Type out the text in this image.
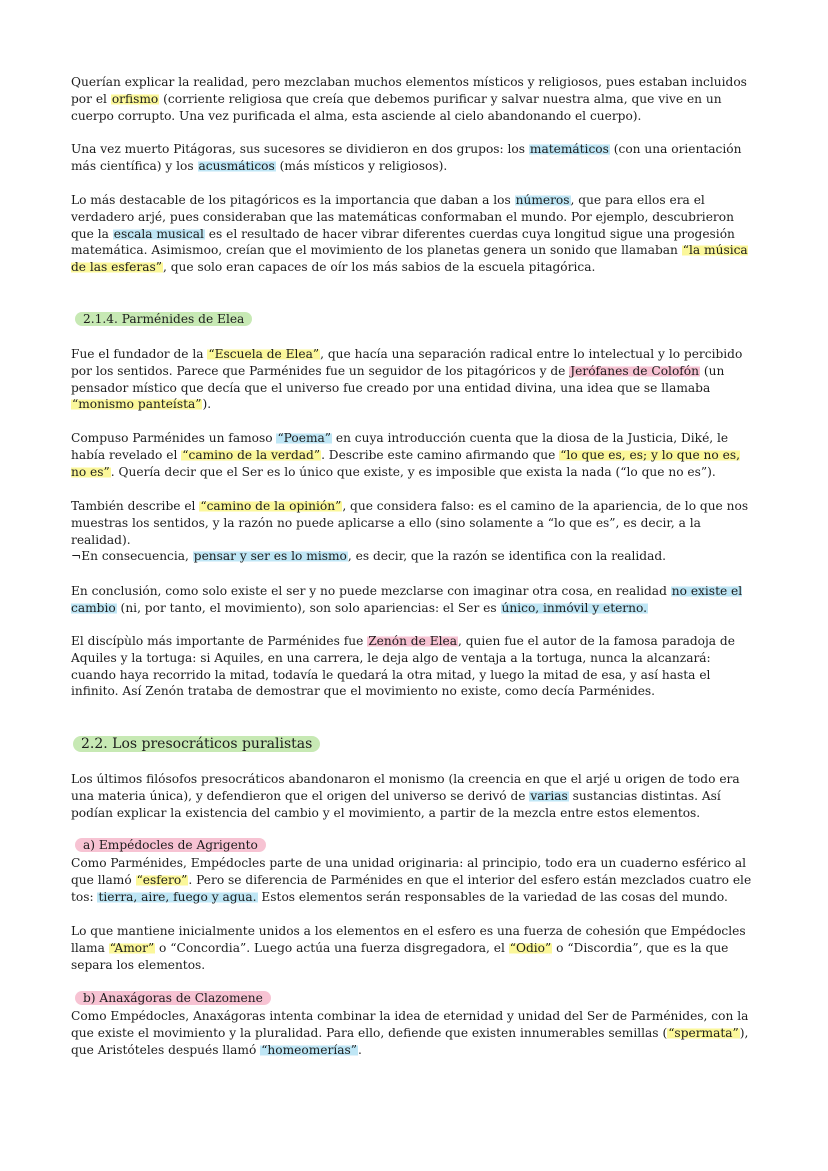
Querían explicar la realidad, pero mezclaban muchos elementos místicos y religiosos, pues estaban incluidos por el orfismo (corriente religiosa que creía que debemos purificar y salvar nuestra alma, que vive en un cuerpo corrupto. Una vez purificada el alma, esta asciende al cielo abandonando el cuerpo).

Una vez muerto Pitágoras, sus sucesores se dividieron en dos grupos: los matemáticos (con una orientación más científica) y los acusmáticos (más místicos y religiosos).

Lo más destacable de los pitagóricos es la importancia que daban a los números, que para ellos era el verdadero arjé, pues consideraban que las matemáticas conformaban el mundo. Por ejemplo, descubrieron que la escala musical es el resultado de hacer vibrar diferentes cuerdas cuya longitud sigue una progesión matemática. Asimismoo, creían que el movimiento de los planetas genera un sonido que llamaban “la música de las esferas”, que solo eran capaces de oír los más sabios de la escuela pitagórica.

2.1.4. Parménides de Elea

Fue el fundador de la “Escuela de Elea”, que hacía una separación radical entre lo intelectual y lo percibido por los sentidos. Parece que Parménides fue un seguidor de los pitagóricos y de Jerófanes de Colofón (un pensador místico que decía que el universo fue creado por una entidad divina, una idea que se llamaba “monismo panteísta”).

Compuso Parménides un famoso “Poema” en cuya introducción cuenta que la diosa de la Justicia, Diké, le había revelado el “camino de la verdad”. Describe este camino afirmando que “lo que es, es; y lo que no es, no es”. Quería decir que el Ser es lo único que existe, y es imposible que exista la nada (“lo que no es”).

También describe el “camino de la opinión”, que considera falso: es el camino de la apariencia, de lo que nos muestras los sentidos, y la razón no puede aplicarse a ello (sino solamente a “lo que es”, es decir, a la realidad).

¬En consecuencia, pensar y ser es lo mismo, es decir, que la razón se identifica con la realidad.

En conclusión, como solo existe el ser y no puede mezclarse con imaginar otra cosa, en realidad no existe el cambio (ni, por tanto, el movimiento), son solo apariencias: el Ser es único, inmóvil y eterno.

El discípùlo más importante de Parménides fue Zenón de Elea, quien fue el autor de la famosa paradoja de Aquiles y la tortuga: si Aquiles, en una carrera, le deja algo de ventaja a la tortuga, nunca la alcanzará: cuando haya recorrido la mitad, todavía le quedará la otra mitad, y luego la mitad de esa, y así hasta el infinito. Así Zenón trataba de demostrar que el movimiento no existe, como decía Parménides.

2.2. Los presocráticos puralistas

Los últimos filósofos presocráticos abandonaron el monismo (la creencia en que el arjé u origen de todo era una materia única), y defendieron que el origen del universo se derivó de varias sustancias distintas. Así podían explicar la existencia del cambio y el movimiento, a partir de la mezcla entre estos elementos.

a) Empédocles de Agrigento

Como Parménides, Empédocles parte de una unidad originaria: al principio, todo era un cuaderno esférico al que llamó “esfero”. Pero se diferencia de Parménides en que el interior del esfero están mezclados cuatro ele tos: tierra, aire, fuego y agua. Estos elementos serán responsables de la variedad de las cosas del mundo.

Lo que mantiene inicialmente unidos a los elementos en el esfero es una fuerza de cohesión que Empédocles llama “Amor” o “Concordia”. Luego actúa una fuerza disgregadora, el “Odio” o “Discordia”, que es la que separa los elementos.

b) Anaxágoras de Clazomene

Como Empédocles, Anaxágoras intenta combinar la idea de eternidad y unidad del Ser de Parménides, con la que existe el movimiento y la pluralidad. Para ello, defiende que existen innumerables semillas (“spermata”), que Aristóteles después llamó “homeomerías”.
